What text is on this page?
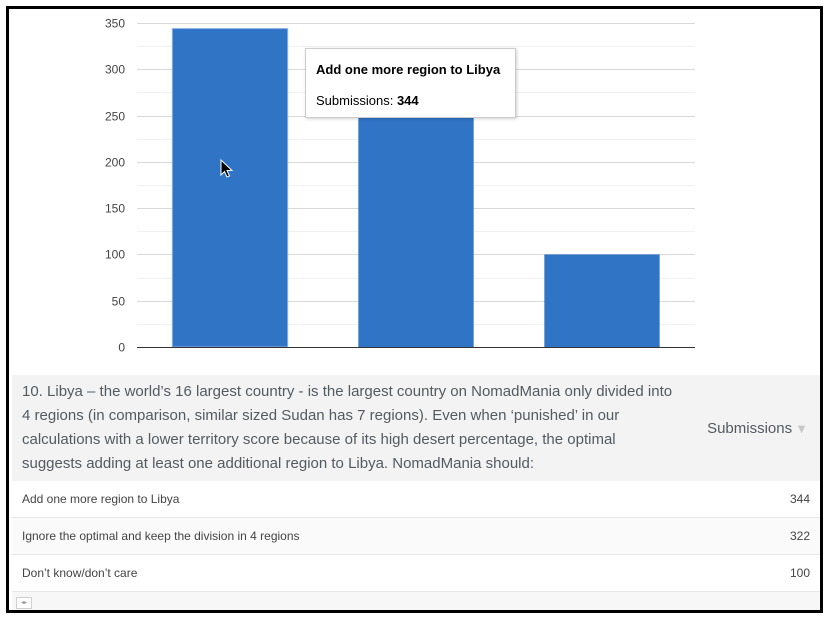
0
50
100
150
200
250
300
350
Add one more region to Libya
Submissions: 344
10. Libya – the world’s 16 largest country - is the largest country on NomadMania only divided into 4 regions (in comparison, similar sized Sudan has 7 regions). Even when ‘punished’ in our calculations with a lower territory score because of its high desert percentage, the optimal suggests adding at least one additional region to Libya. NomadMania should:
Submissions ▼
Add one more region to Libya	344
Ignore the optimal and keep the division in 4 regions	322
Don’t know/don’t care	100
◂▸
